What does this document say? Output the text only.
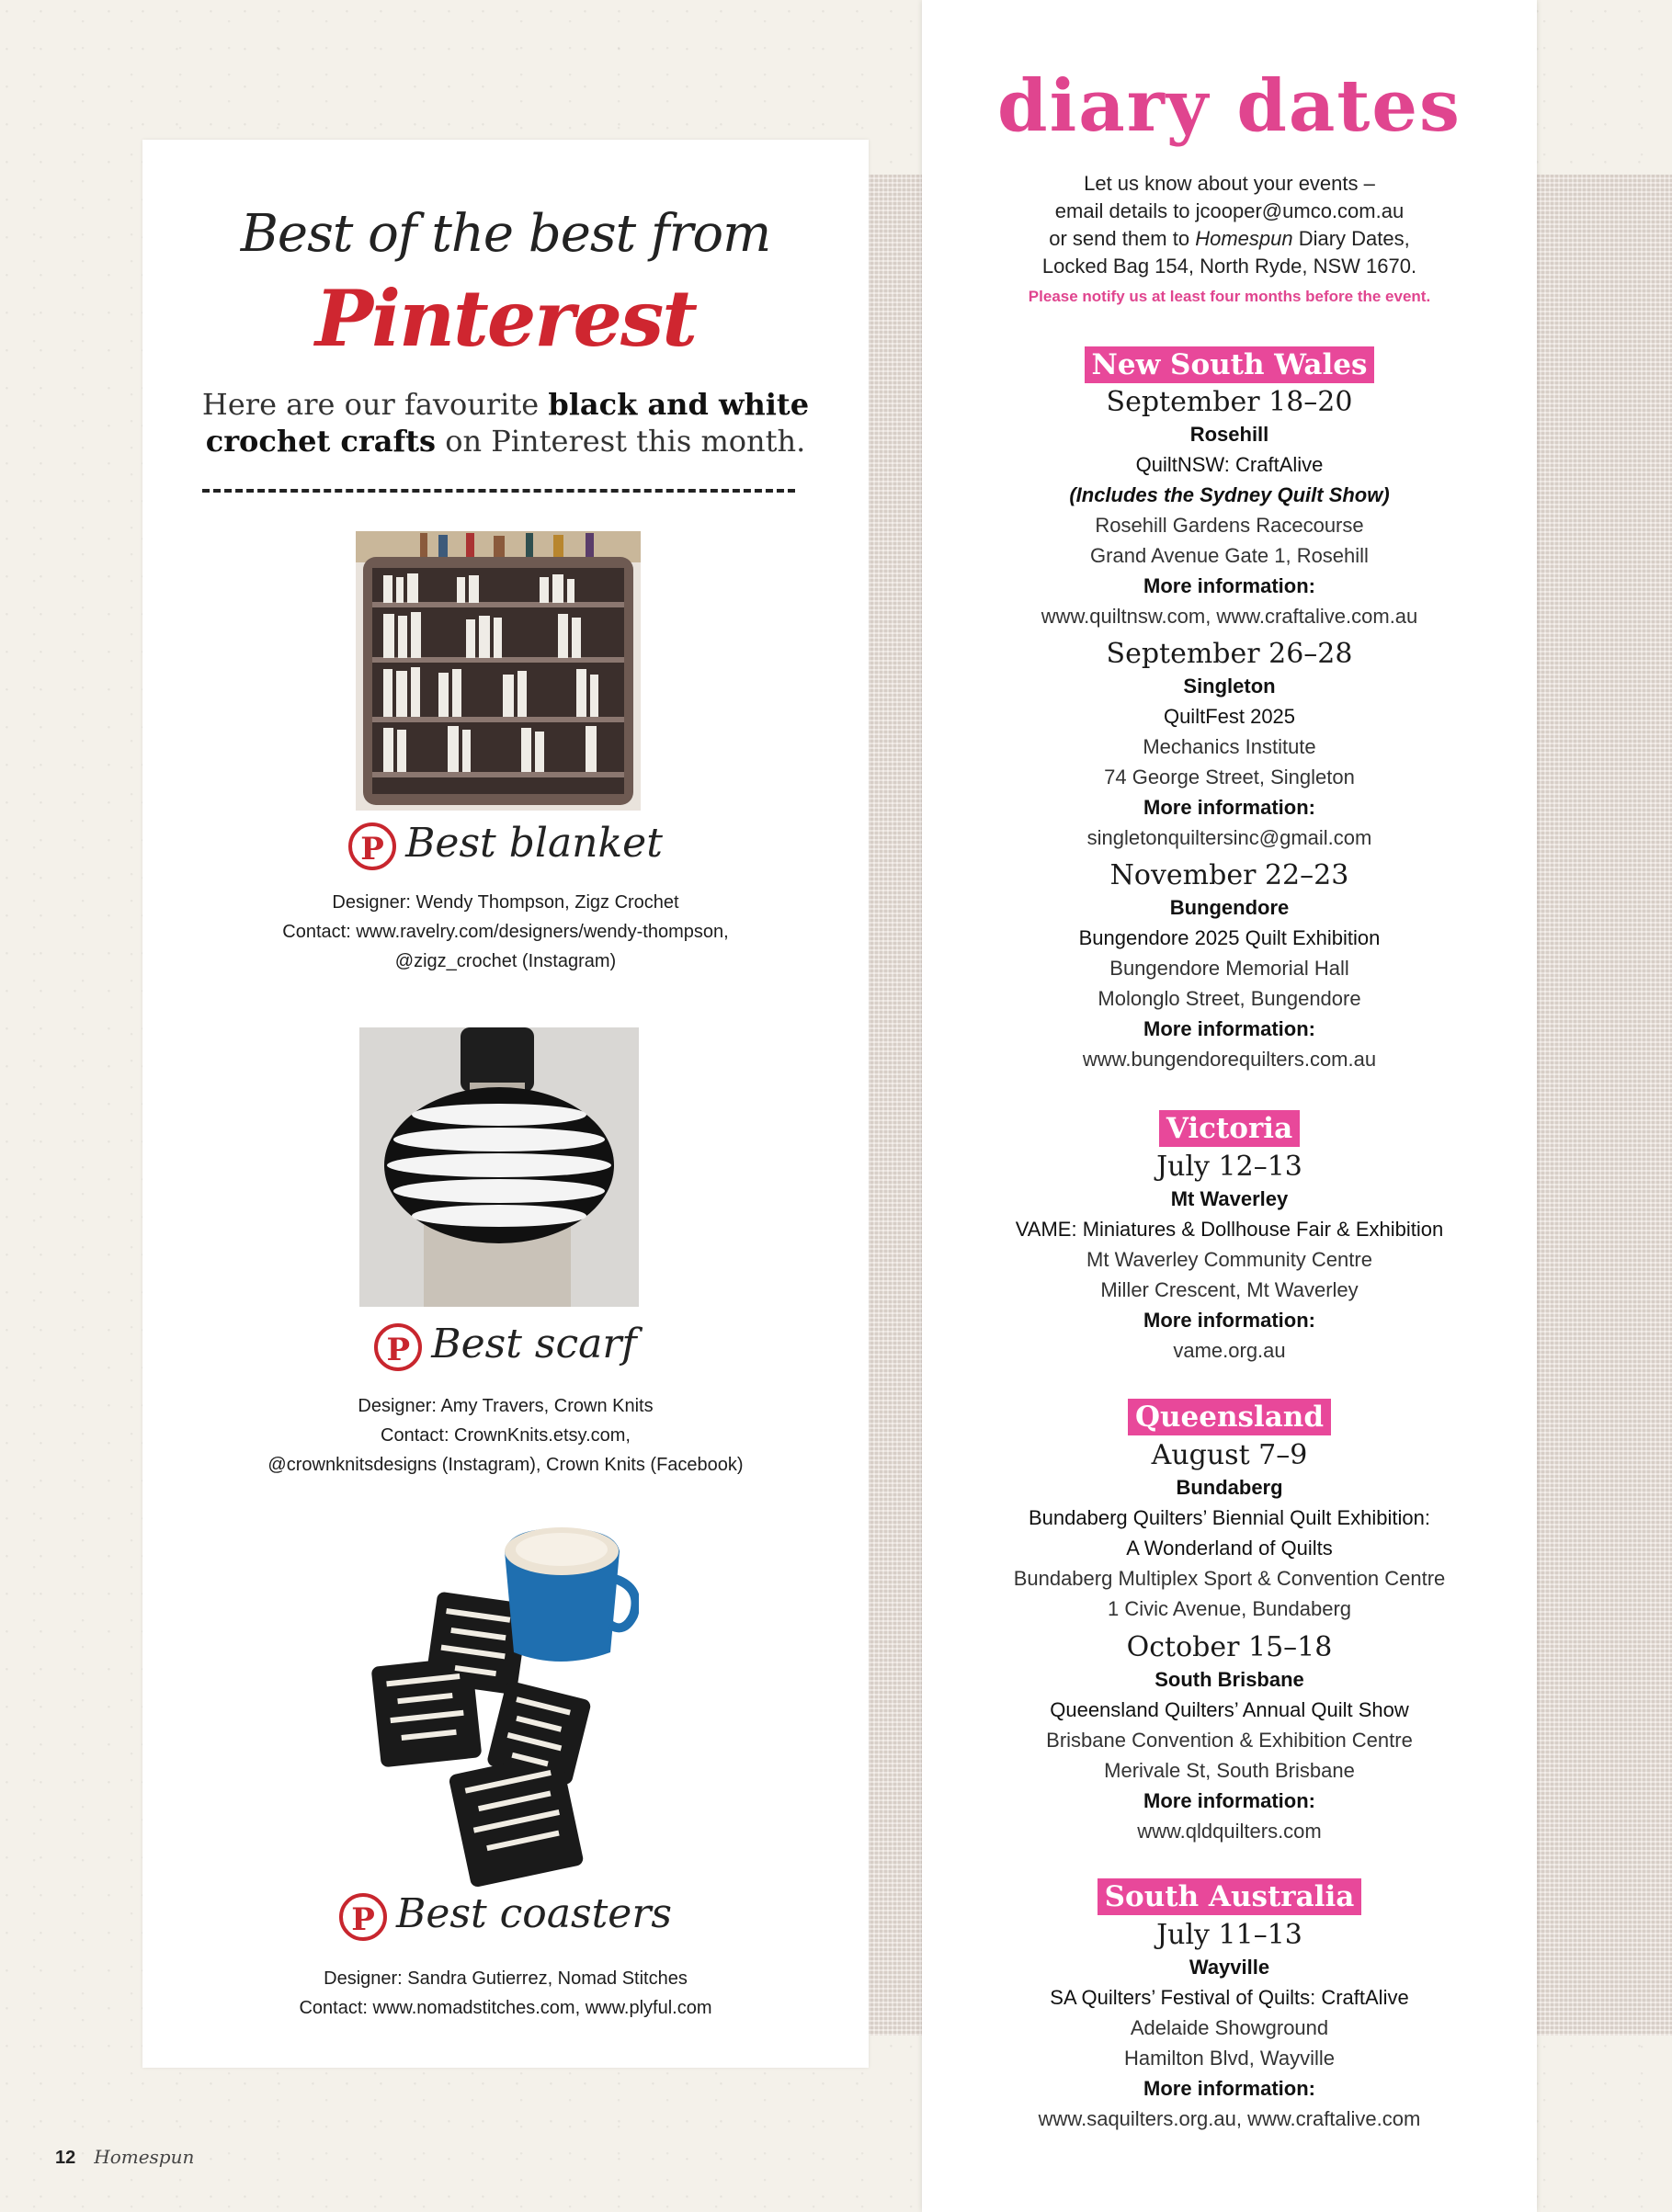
Best of the best from
Pinterest
Here are our favourite black and white
crochet crafts on Pinterest this month.
P Best blanket
Designer: Wendy Thompson, Zigz Crochet
Contact: www.ravelry.com/designers/wendy-thompson,
@zigz_crochet (Instagram)
P Best scarf
Designer: Amy Travers, Crown Knits
Contact: CrownKnits.etsy.com,
@crownknitsdesigns (Instagram), Crown Knits (Facebook)
P Best coasters
Designer: Sandra Gutierrez, Nomad Stitches
Contact: www.nomadstitches.com, www.plyful.com
diary dates
Let us know about your events –
email details to jcooper@umco.com.au
or send them to Homespun Diary Dates,
Locked Bag 154, North Ryde, NSW 1670.
Please notify us at least four months before the event.
New South Wales
September 18–20
Rosehill
QuiltNSW: CraftAlive
(Includes the Sydney Quilt Show)
Rosehill Gardens Racecourse
Grand Avenue Gate 1, Rosehill
More information:
www.quiltnsw.com, www.craftalive.com.au
September 26–28
Singleton
QuiltFest 2025
Mechanics Institute
74 George Street, Singleton
More information:
singletonquiltersinc@gmail.com
November 22–23
Bungendore
Bungendore 2025 Quilt Exhibition
Bungendore Memorial Hall
Molonglo Street, Bungendore
More information:
www.bungendorequilters.com.au
Victoria
July 12–13
Mt Waverley
VAME: Miniatures & Dollhouse Fair & Exhibition
Mt Waverley Community Centre
Miller Crescent, Mt Waverley
More information:
vame.org.au
Queensland
August 7–9
Bundaberg
Bundaberg Quilters’ Biennial Quilt Exhibition:
A Wonderland of Quilts
Bundaberg Multiplex Sport & Convention Centre
1 Civic Avenue, Bundaberg
October 15–18
South Brisbane
Queensland Quilters’ Annual Quilt Show
Brisbane Convention & Exhibition Centre
Merivale St, South Brisbane
More information:
www.qldquilters.com
South Australia
July 11–13
Wayville
SA Quilters’ Festival of Quilts: CraftAlive
Adelaide Showground
Hamilton Blvd, Wayville
More information:
www.saquilters.org.au, www.craftalive.com
12 Homespun
